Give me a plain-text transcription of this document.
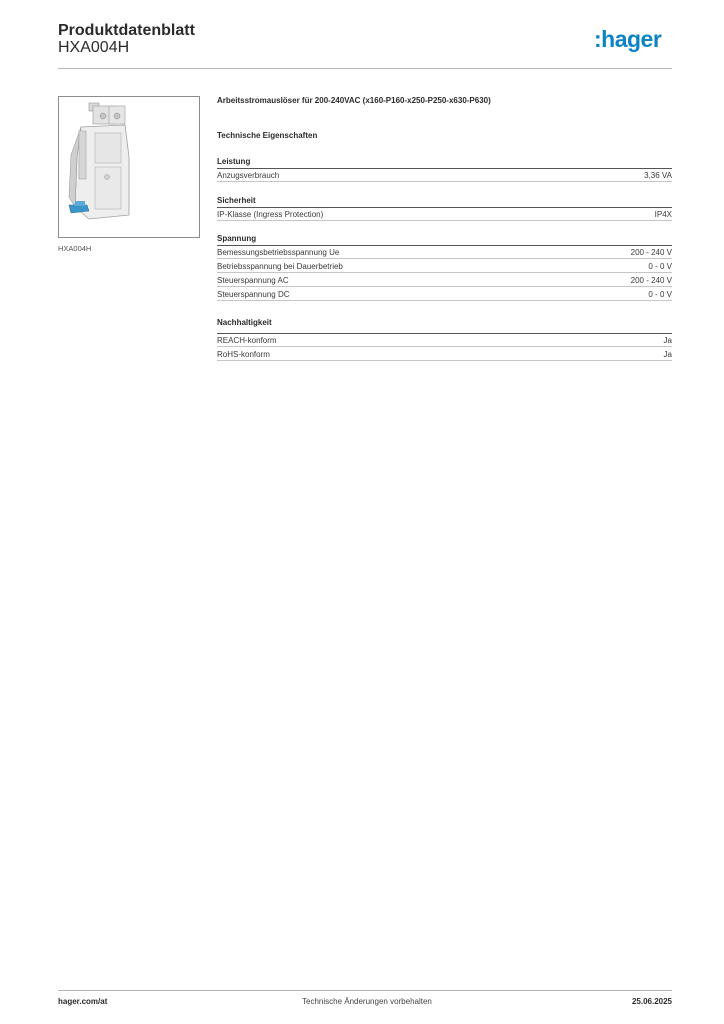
Produktdatenblatt
HXA004H	:hager
HXA004H
Arbeitsstromauslöser für 200-240VAC (x160-P160-x250-P250-x630-P630)
Technische Eigenschaften
Leistung
Anzugsverbrauch	3,36 VA
Sicherheit
IP-Klasse (Ingress Protection)	IP4X
Spannung
Bemessungsbetriebsspannung Ue	200 - 240 V
Betriebsspannung bei Dauerbetrieb	0 - 0 V
Steuerspannung AC	200 - 240 V
Steuerspannung DC	0 - 0 V
Nachhaltigkeit
REACH-konform	Ja
RoHS-konform	Ja
hager.com/at	Technische Änderungen vorbehalten	25.06.2025
